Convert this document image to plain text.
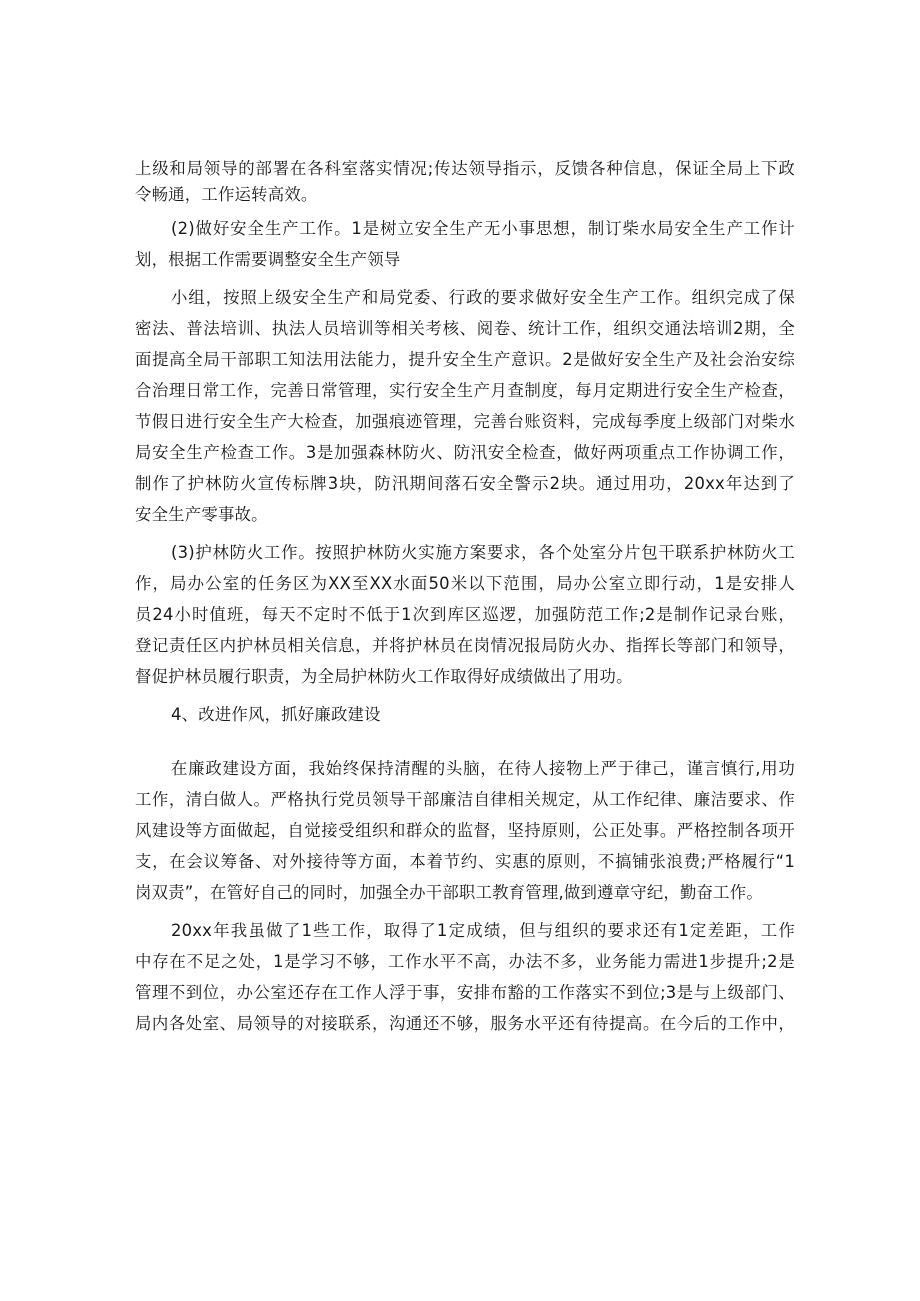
上级和局领导的部署在各科室落实情况;传达领导指示，反馈各种信息，保证全局上下政
令畅通，工作运转高效。
(2)做好安全生产工作。1是树立安全生产无小事思想，制订柴水局安全生产工作计
划，根据工作需要调整安全生产领导
小组，按照上级安全生产和局党委、行政的要求做好安全生产工作。组织完成了保
密法、普法培训、执法人员培训等相关考核、阅卷、统计工作，组织交通法培训2期，全
面提高全局干部职工知法用法能力，提升安全生产意识。2是做好安全生产及社会治安综
合治理日常工作，完善日常管理，实行安全生产月查制度，每月定期进行安全生产检查，
节假日进行安全生产大检查，加强痕迹管理，完善台账资料，完成每季度上级部门对柴水
局安全生产检查工作。3是加强森林防火、防汛安全检查，做好两项重点工作协调工作，
制作了护林防火宣传标牌3块，防汛期间落石安全警示2块。通过用功，20xx年达到了
安全生产零事故。
(3)护林防火工作。按照护林防火实施方案要求，各个处室分片包干联系护林防火工
作，局办公室的任务区为XX至XX水面50米以下范围，局办公室立即行动，1是安排人
员24小时值班，每天不定时不低于1次到库区巡逻，加强防范工作;2是制作记录台账，
登记责任区内护林员相关信息，并将护林员在岗情况报局防火办、指挥长等部门和领导，
督促护林员履行职责，为全局护林防火工作取得好成绩做出了用功。
4、改进作风，抓好廉政建设
在廉政建设方面，我始终保持清醒的头脑，在待人接物上严于律己，谨言慎行,用功
工作，清白做人。严格执行党员领导干部廉洁自律相关规定，从工作纪律、廉洁要求、作
风建设等方面做起，自觉接受组织和群众的监督，坚持原则，公正处事。严格控制各项开
支，在会议筹备、对外接待等方面，本着节约、实惠的原则，不搞铺张浪费;严格履行“1
岗双责”，在管好自己的同时，加强全办干部职工教育管理,做到遵章守纪，勤奋工作。
20xx年我虽做了1些工作，取得了1定成绩，但与组织的要求还有1定差距，工作
中存在不足之处，1是学习不够，工作水平不高，办法不多，业务能力需进1步提升;2是
管理不到位，办公室还存在工作人浮于事，安排布豁的工作落实不到位;3是与上级部门、
局内各处室、局领导的对接联系，沟通还不够，服务水平还有待提高。在今后的工作中，
